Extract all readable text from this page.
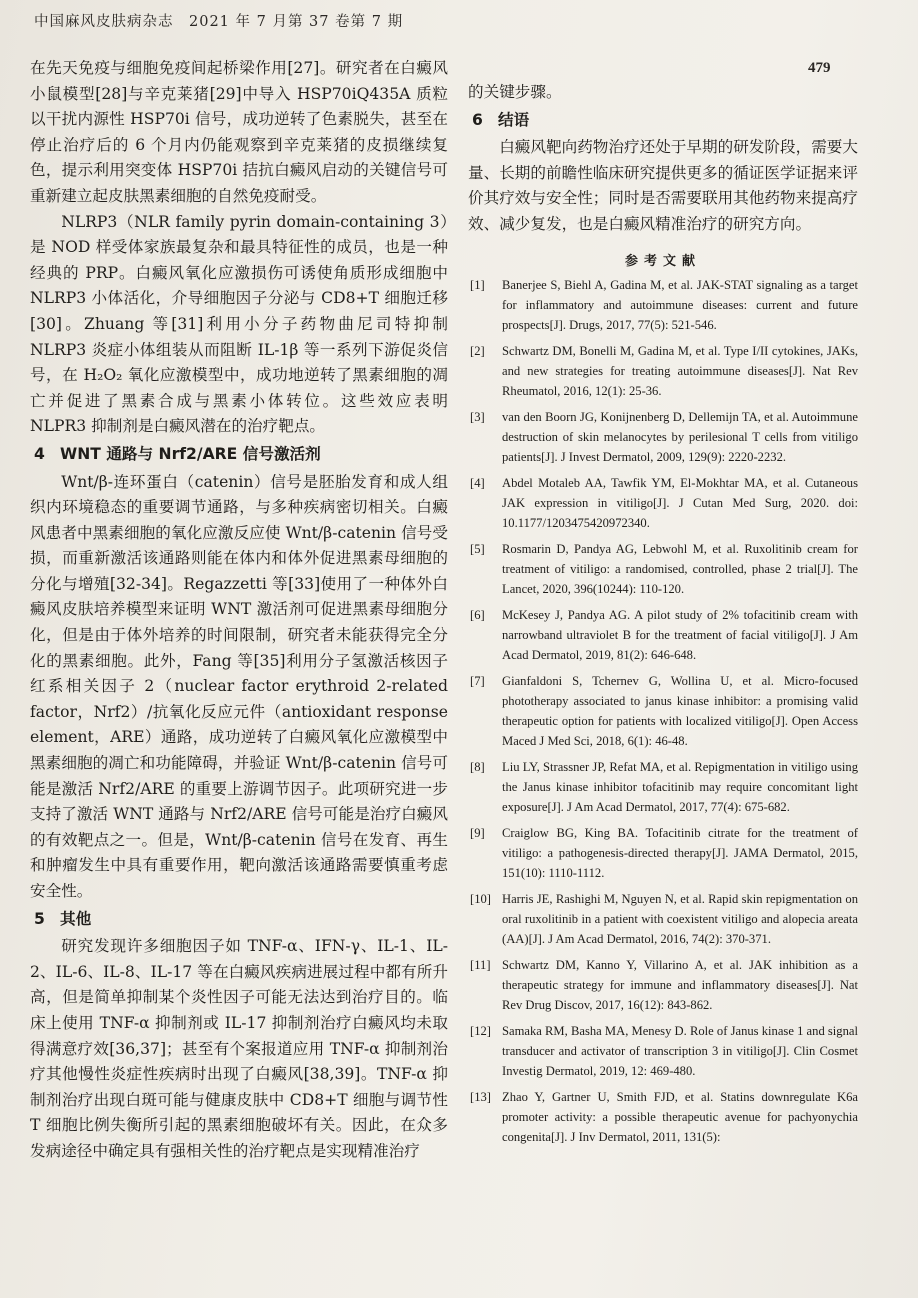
中国麻风皮肤病杂志　2021 年 7 月第 37 卷第 7 期
479

在先天免疫与细胞免疫间起桥梁作用[27]。研究者在白癜风小鼠模型[28]与辛克莱猪[29]中导入 HSP70iQ435A 质粒以干扰内源性 HSP70i 信号，成功逆转了色素脱失，甚至在停止治疗后的 6 个月内仍能观察到辛克莱猪的皮损继续复色，提示利用突变体 HSP70i 拮抗白癜风启动的关键信号可重新建立起皮肤黑素细胞的自然免疫耐受。

NLRP3（NLR family pyrin domain-containing 3）是 NOD 样受体家族最复杂和最具特征性的成员，也是一种经典的 PRP。白癜风氧化应激损伤可诱使角质形成细胞中 NLRP3 小体活化，介导细胞因子分泌与 CD8+T 细胞迁移[30]。Zhuang 等[31]利用小分子药物曲尼司特抑制 NLRP3 炎症小体组装从而阻断 IL-1β 等一系列下游促炎信号，在 H₂O₂ 氧化应激模型中，成功地逆转了黑素细胞的凋亡并促进了黑素合成与黑素小体转位。这些效应表明 NLPR3 抑制剂是白癜风潜在的治疗靶点。

4 WNT 通路与 Nrf2/ARE 信号激活剂

Wnt/β-连环蛋白（catenin）信号是胚胎发育和成人组织内环境稳态的重要调节通路，与多种疾病密切相关。白癜风患者中黑素细胞的氧化应激反应使 Wnt/β-catenin 信号受损，而重新激活该通路则能在体内和体外促进黑素母细胞的分化与增殖[32-34]。Regazzetti 等[33]使用了一种体外白癜风皮肤培养模型来证明 WNT 激活剂可促进黑素母细胞分化，但是由于体外培养的时间限制，研究者未能获得完全分化的黑素细胞。此外，Fang 等[35]利用分子氢激活核因子红系相关因子 2（nuclear factor erythroid 2-related factor，Nrf2）/抗氧化反应元件（antioxidant response element，ARE）通路，成功逆转了白癜风氧化应激模型中黑素细胞的凋亡和功能障碍，并验证 Wnt/β-catenin 信号可能是激活 Nrf2/ARE 的重要上游调节因子。此项研究进一步支持了激活 WNT 通路与 Nrf2/ARE 信号可能是治疗白癜风的有效靶点之一。但是，Wnt/β-catenin 信号在发育、再生和肿瘤发生中具有重要作用，靶向激活该通路需要慎重考虑安全性。

5 其他

研究发现许多细胞因子如 TNF-α、IFN-γ、IL-1、IL-2、IL-6、IL-8、IL-17 等在白癜风疾病进展过程中都有所升高，但是简单抑制某个炎性因子可能无法达到治疗目的。临床上使用 TNF-α 抑制剂或 IL-17 抑制剂治疗白癜风均未取得满意疗效[36,37]；甚至有个案报道应用 TNF-α 抑制剂治疗其他慢性炎症性疾病时出现了白癜风[38,39]。TNF-α 抑制剂治疗出现白斑可能与健康皮肤中 CD8+T 细胞与调节性 T 细胞比例失衡所引起的黑素细胞破坏有关。因此，在众多发病途径中确定具有强相关性的治疗靶点是实现精准治疗

的关键步骤。

6 结语

白癜风靶向药物治疗还处于早期的研发阶段，需要大量、长期的前瞻性临床研究提供更多的循证医学证据来评价其疗效与安全性；同时是否需要联用其他药物来提高疗效、减少复发，也是白癜风精准治疗的研究方向。

参考文献

[1] Banerjee S, Biehl A, Gadina M, et al. JAK-STAT signaling as a target for inflammatory and autoimmune diseases: current and future prospects[J]. Drugs, 2017, 77(5): 521-546.

[2] Schwartz DM, Bonelli M, Gadina M, et al. Type I/II cytokines, JAKs, and new strategies for treating autoimmune diseases[J]. Nat Rev Rheumatol, 2016, 12(1): 25-36.

[3] van den Boorn JG, Konijnenberg D, Dellemijn TA, et al. Autoimmune destruction of skin melanocytes by perilesional T cells from vitiligo patients[J]. J Invest Dermatol, 2009, 129(9): 2220-2232.

[4] Abdel Motaleb AA, Tawfik YM, El-Mokhtar MA, et al. Cutaneous JAK expression in vitiligo[J]. J Cutan Med Surg, 2020. doi: 10.1177/1203475420972340.

[5] Rosmarin D, Pandya AG, Lebwohl M, et al. Ruxolitinib cream for treatment of vitiligo: a randomised, controlled, phase 2 trial[J]. The Lancet, 2020, 396(10244): 110-120.

[6] McKesey J, Pandya AG. A pilot study of 2% tofacitinib cream with narrowband ultraviolet B for the treatment of facial vitiligo[J]. J Am Acad Dermatol, 2019, 81(2): 646-648.

[7] Gianfaldoni S, Tchernev G, Wollina U, et al. Micro-focused phototherapy associated to janus kinase inhibitor: a promising valid therapeutic option for patients with localized vitiligo[J]. Open Access Maced J Med Sci, 2018, 6(1): 46-48.

[8] Liu LY, Strassner JP, Refat MA, et al. Repigmentation in vitiligo using the Janus kinase inhibitor tofacitinib may require concomitant light exposure[J]. J Am Acad Dermatol, 2017, 77(4): 675-682.

[9] Craiglow BG, King BA. Tofacitinib citrate for the treatment of vitiligo: a pathogenesis-directed therapy[J]. JAMA Dermatol, 2015, 151(10): 1110-1112.

[10] Harris JE, Rashighi M, Nguyen N, et al. Rapid skin repigmentation on oral ruxolitinib in a patient with coexistent vitiligo and alopecia areata (AA)[J]. J Am Acad Dermatol, 2016, 74(2): 370-371.

[11] Schwartz DM, Kanno Y, Villarino A, et al. JAK inhibition as a therapeutic strategy for immune and inflammatory diseases[J]. Nat Rev Drug Discov, 2017, 16(12): 843-862.

[12] Samaka RM, Basha MA, Menesy D. Role of Janus kinase 1 and signal transducer and activator of transcription 3 in vitiligo[J]. Clin Cosmet Investig Dermatol, 2019, 12: 469-480.

[13] Zhao Y, Gartner U, Smith FJD, et al. Statins downregulate K6a promoter activity: a possible therapeutic avenue for pachyonychia congenita[J]. J Inv Dermatol, 2011, 131(5):
